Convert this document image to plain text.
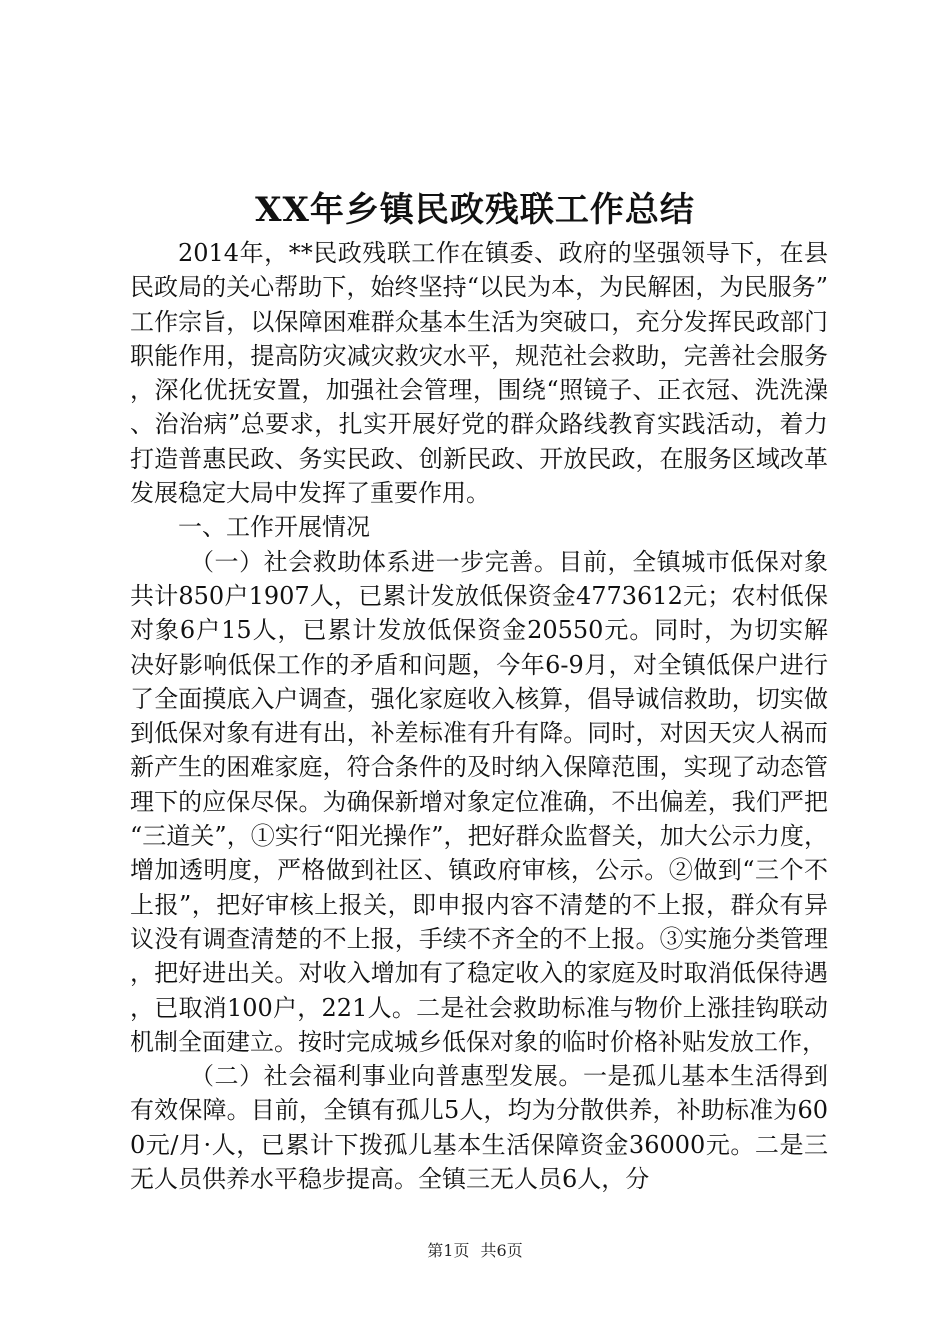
XX年乡镇民政残联工作总结

2014年，**民政残联工作在镇委、政府的坚强领导下，在县民政局的关心帮助下，始终坚持“以民为本，为民解困，为民服务”工作宗旨，以保障困难群众基本生活为突破口，充分发挥民政部门职能作用，提高防灾减灾救灾水平，规范社会救助，完善社会服务，深化优抚安置，加强社会管理，围绕“照镜子、正衣冠、洗洗澡、治治病”总要求，扎实开展好党的群众路线教育实践活动，着力打造普惠民政、务实民政、创新民政、开放民政，在服务区域改革发展稳定大局中发挥了重要作用。

一、工作开展情况

（一）社会救助体系进一步完善。目前，全镇城市低保对象共计850户1907人，已累计发放低保资金4773612元；农村低保对象6户15人，已累计发放低保资金20550元。同时，为切实解决好影响低保工作的矛盾和问题，今年6-9月，对全镇低保户进行了全面摸底入户调查，强化家庭收入核算，倡导诚信救助，切实做到低保对象有进有出，补差标准有升有降。同时，对因天灾人祸而新产生的困难家庭，符合条件的及时纳入保障范围，实现了动态管理下的应保尽保。为确保新增对象定位准确，不出偏差，我们严把“三道关”，①实行“阳光操作”，把好群众监督关，加大公示力度，增加透明度，严格做到社区、镇政府审核，公示。②做到“三个不上报”，把好审核上报关，即申报内容不清楚的不上报，群众有异议没有调查清楚的不上报，手续不齐全的不上报。③实施分类管理，把好进出关。对收入增加有了稳定收入的家庭及时取消低保待遇，已取消100户，221人。二是社会救助标准与物价上涨挂钩联动机制全面建立。按时完成城乡低保对象的临时价格补贴发放工作，

（二）社会福利事业向普惠型发展。一是孤儿基本生活得到有效保障。目前，全镇有孤儿5人，均为分散供养，补助标准为600元/月·人，已累计下拨孤儿基本生活保障资金36000元。二是三无人员供养水平稳步提高。全镇三无人员6人，分

第1页 共6页
